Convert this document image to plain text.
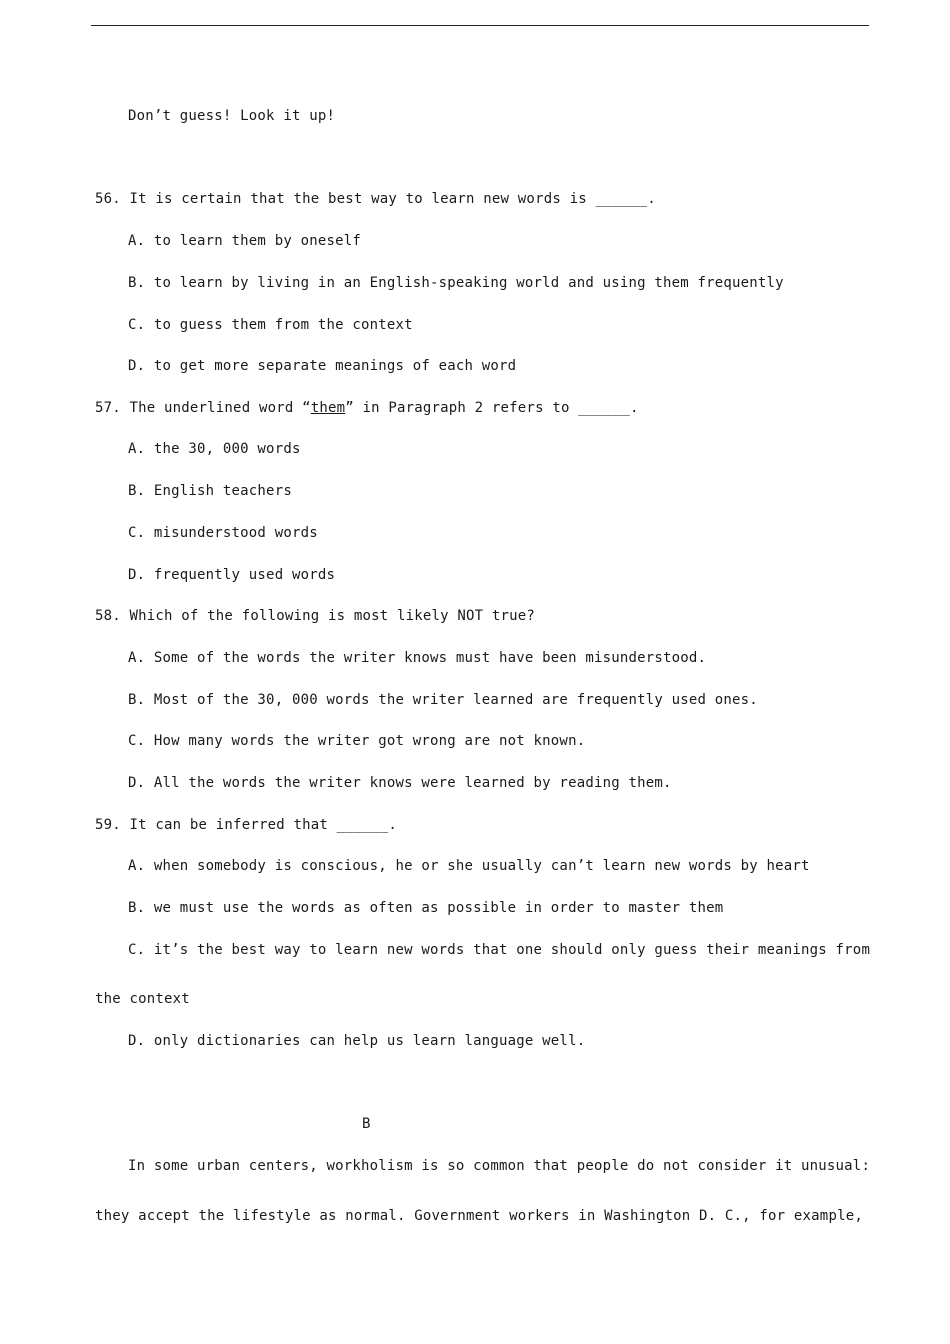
Don’t guess! Look it up!
56. It is certain that the best way to learn new words is ______.
A. to learn them by oneself
B. to learn by living in an English-speaking world and using them frequently
C. to guess them from the context
D. to get more separate meanings of each word
57. The underlined word “them” in Paragraph 2 refers to ______.
A. the 30, 000 words
B. English teachers
C. misunderstood words
D. frequently used words
58. Which of the following is most likely NOT true?
A. Some of the words the writer knows must have been misunderstood.
B. Most of the 30, 000 words the writer learned are frequently used ones.
C. How many words the writer got wrong are not known.
D. All the words the writer knows were learned by reading them.
59. It can be inferred that ______.
A. when somebody is conscious, he or she usually can’t learn new words by heart
B. we must use the words as often as possible in order to master them
C. it’s the best way to learn new words that one should only guess their meanings from
the context
D. only dictionaries can help us learn language well.
B
In some urban centers, workholism is so common that people do not consider it unusual:
they accept the lifestyle as normal. Government workers in Washington D. C., for example,
